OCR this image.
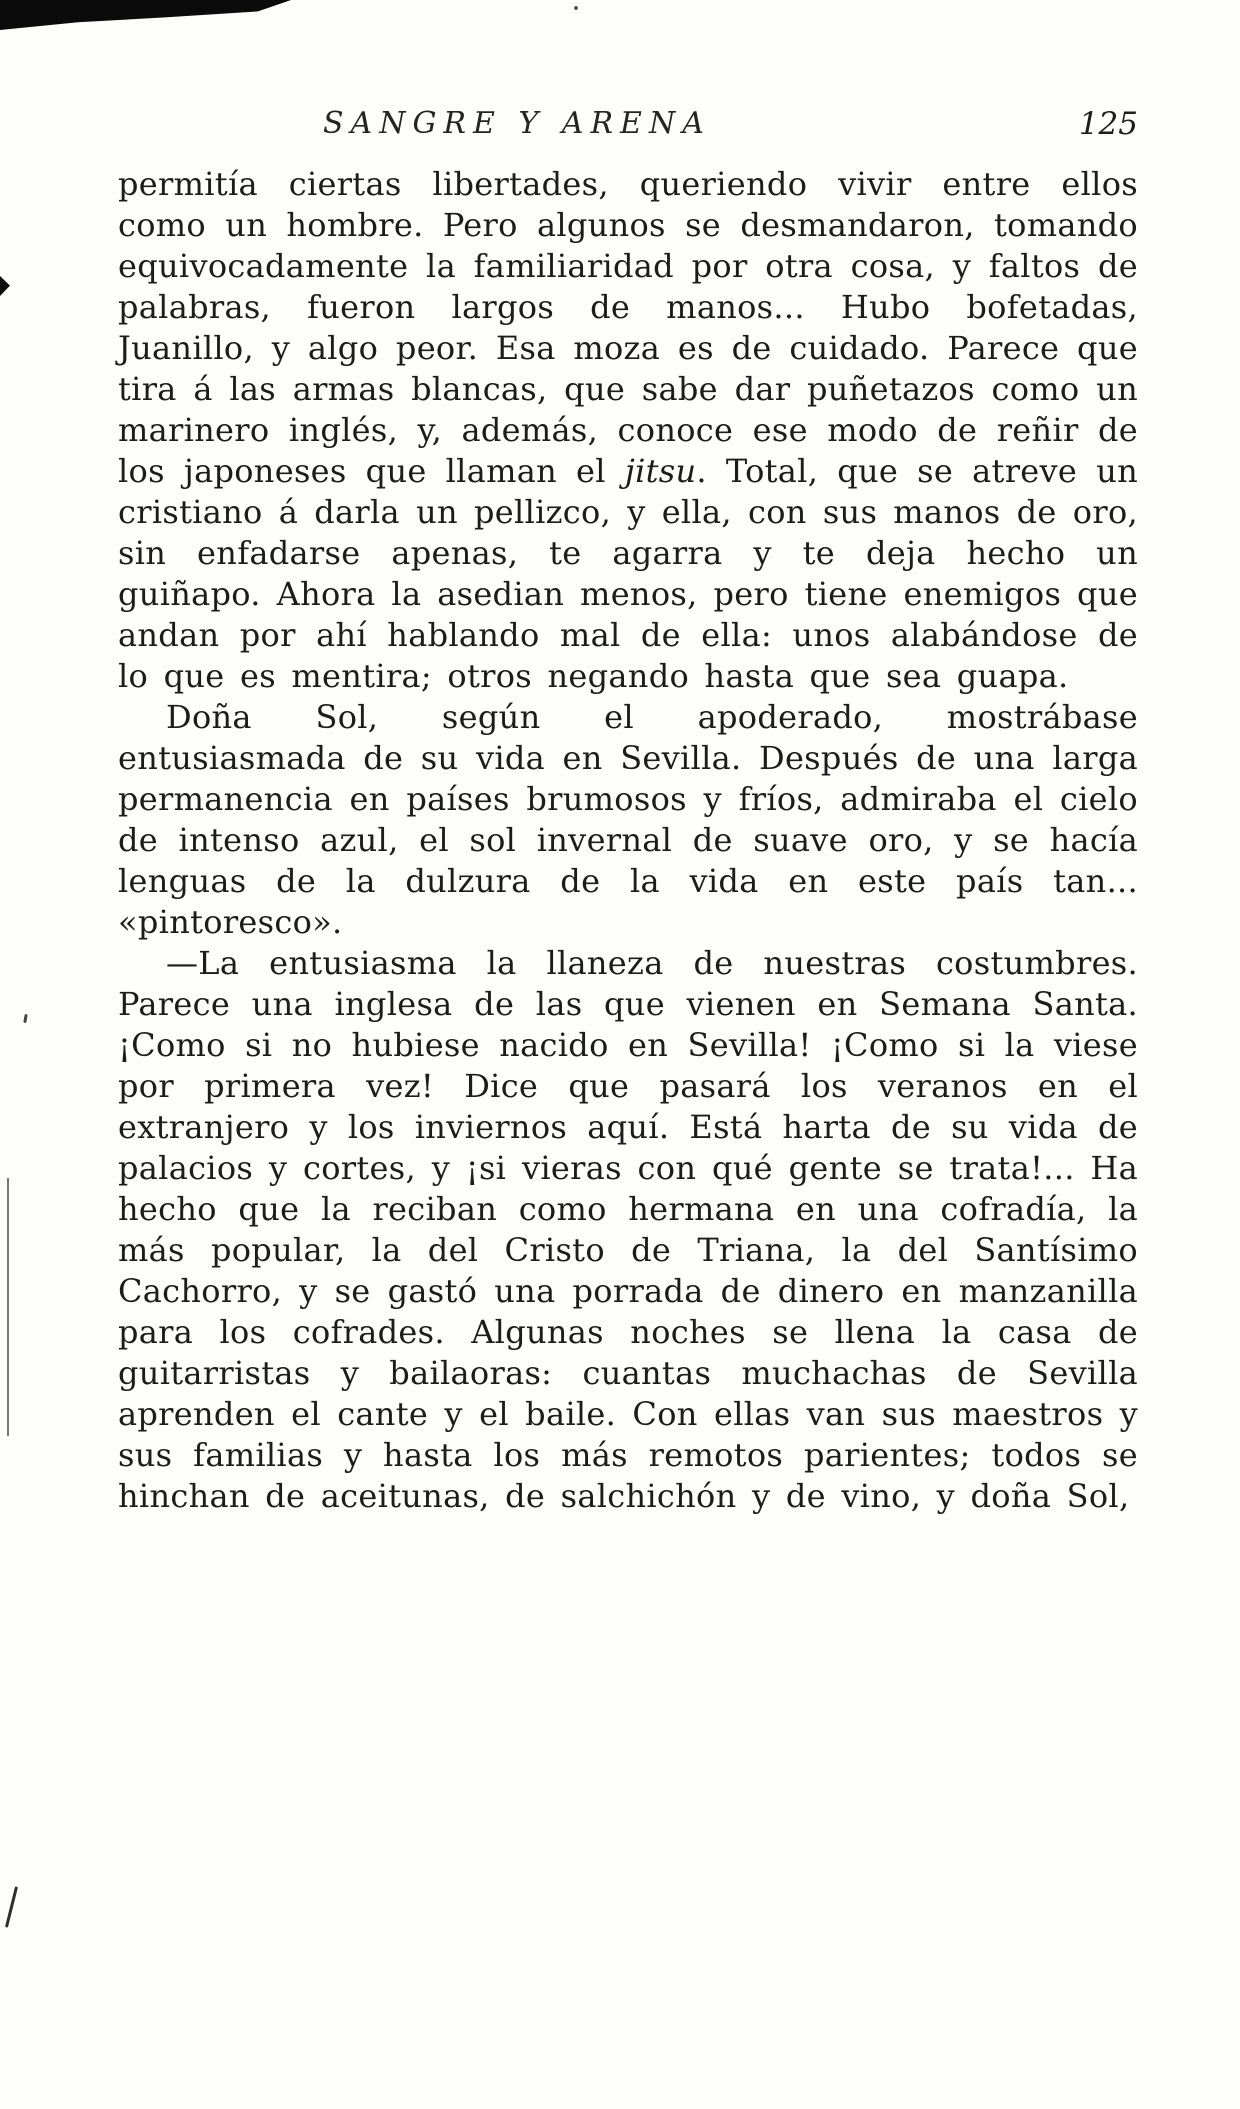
SANGRE Y ARENA	125

permitía ciertas libertades, queriendo vivir entre ellos como un hombre. Pero algunos se desmandaron, tomando equivocadamente la familiaridad por otra cosa, y faltos de palabras, fueron largos de manos... Hubo bofetadas, Juanillo, y algo peor. Esa moza es de cuidado. Parece que tira á las armas blancas, que sabe dar puñetazos como un marinero inglés, y, además, conoce ese modo de reñir de los japoneses que llaman el jitsu. Total, que se atreve un cristiano á darla un pellizco, y ella, con sus manos de oro, sin enfadarse apenas, te agarra y te deja hecho un guiñapo. Ahora la asedian menos, pero tiene enemigos que andan por ahí hablando mal de ella: unos alabándose de lo que es mentira; otros negando hasta que sea guapa.

Doña Sol, según el apoderado, mostrábase entusiasmada de su vida en Sevilla. Después de una larga permanencia en países brumosos y fríos, admiraba el cielo de intenso azul, el sol invernal de suave oro, y se hacía lenguas de la dulzura de la vida en este país tan... «pintoresco».

—La entusiasma la llaneza de nuestras costumbres. Parece una inglesa de las que vienen en Semana Santa. ¡Como si no hubiese nacido en Sevilla! ¡Como si la viese por primera vez! Dice que pasará los veranos en el extranjero y los inviernos aquí. Está harta de su vida de palacios y cortes, y ¡si vieras con qué gente se trata!... Ha hecho que la reciban como hermana en una cofradía, la más popular, la del Cristo de Triana, la del Santísimo Cachorro, y se gastó una porrada de dinero en manzanilla para los cofrades. Algunas noches se llena la casa de guitarristas y bailaoras: cuantas muchachas de Sevilla aprenden el cante y el baile. Con ellas van sus maestros y sus familias y hasta los más remotos parientes; todos se hinchan de aceitunas, de salchichón y de vino, y doña Sol,
